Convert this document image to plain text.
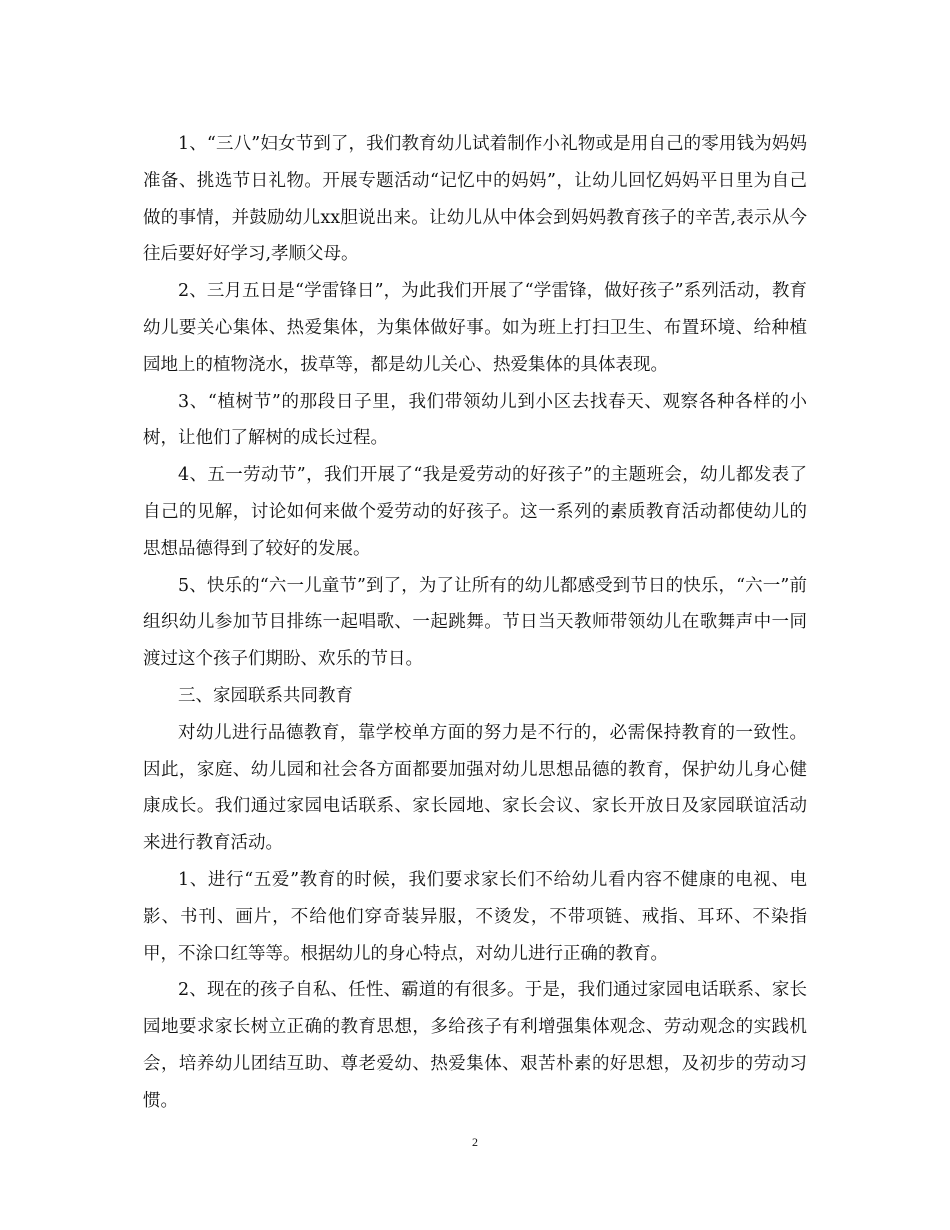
1、“三八”妇女节到了，我们教育幼儿试着制作小礼物或是用自己的零用钱为妈妈准备、挑选节日礼物。开展专题活动“记忆中的妈妈”，让幼儿回忆妈妈平日里为自己做的事情，并鼓励幼儿xx胆说出来。让幼儿从中体会到妈妈教育孩子的辛苦,表示从今往后要好好学习,孝顺父母。

2、三月五日是“学雷锋日”，为此我们开展了“学雷锋，做好孩子”系列活动，教育幼儿要关心集体、热爱集体，为集体做好事。如为班上打扫卫生、布置环境、给种植园地上的植物浇水，拔草等，都是幼儿关心、热爱集体的具体表现。

3、“植树节”的那段日子里，我们带领幼儿到小区去找春天、观察各种各样的小树，让他们了解树的成长过程。

4、五一劳动节”，我们开展了“我是爱劳动的好孩子”的主题班会，幼儿都发表了自己的见解，讨论如何来做个爱劳动的好孩子。这一系列的素质教育活动都使幼儿的思想品德得到了较好的发展。

5、快乐的“六一儿童节”到了，为了让所有的幼儿都感受到节日的快乐，“六一”前组织幼儿参加节目排练一起唱歌、一起跳舞。节日当天教师带领幼儿在歌舞声中一同渡过这个孩子们期盼、欢乐的节日。

三、家园联系共同教育

对幼儿进行品德教育，靠学校单方面的努力是不行的，必需保持教育的一致性。因此，家庭、幼儿园和社会各方面都要加强对幼儿思想品德的教育，保护幼儿身心健康成长。我们通过家园电话联系、家长园地、家长会议、家长开放日及家园联谊活动来进行教育活动。

1、进行“五爱”教育的时候，我们要求家长们不给幼儿看内容不健康的电视、电影、书刊、画片，不给他们穿奇装异服，不烫发，不带项链、戒指、耳环、不染指甲，不涂口红等等。根据幼儿的身心特点，对幼儿进行正确的教育。

2、现在的孩子自私、任性、霸道的有很多。于是，我们通过家园电话联系、家长园地要求家长树立正确的教育思想，多给孩子有利增强集体观念、劳动观念的实践机会，培养幼儿团结互助、尊老爱幼、热爱集体、艰苦朴素的好思想，及初步的劳动习惯。

2
